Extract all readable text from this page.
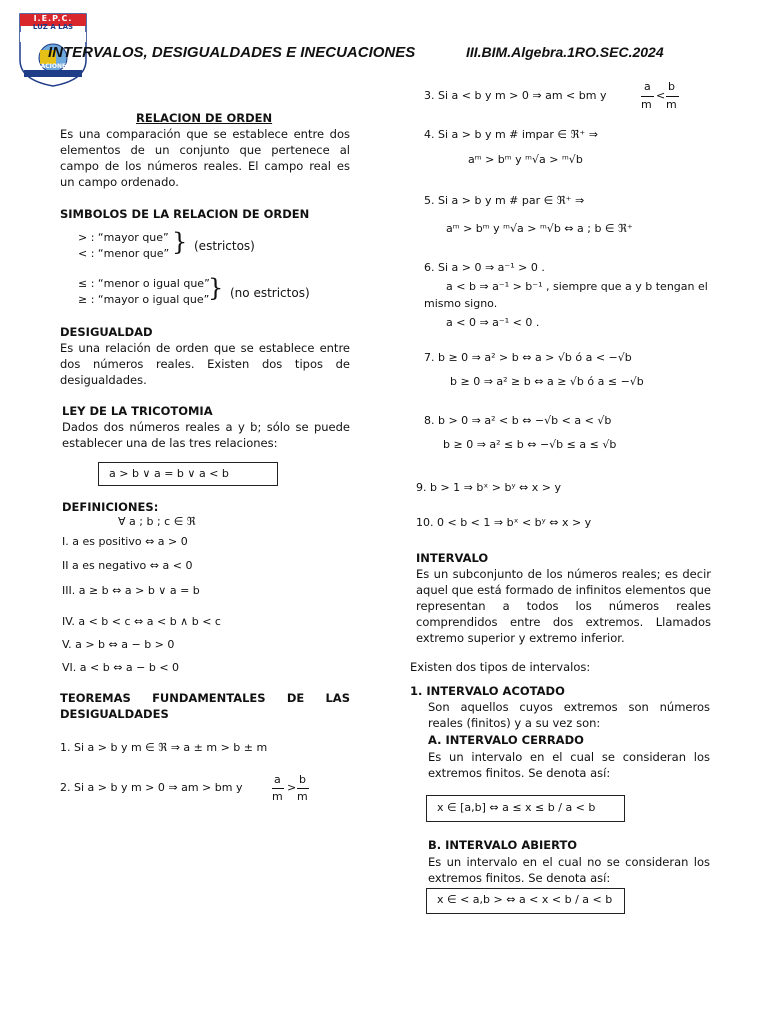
I.E.P.C.
LUZ A LAS
NACIONES
INTERVALOS, DESIGUALDADES E INECUACIONES	III.BIM.Algebra.1RO.SEC.2024
RELACION DE ORDEN
Es una comparación que se establece entre dos elementos de un conjunto que pertenece al campo de los números reales. El campo real es un campo ordenado.
SIMBOLOS DE LA RELACION DE ORDEN
> : “mayor que”
< : “menor que” } (estrictos)
≤ : “menor o igual que”
≥ : “mayor o igual que”
} (no estrictos)
DESIGUALDAD
Es una relación de orden que se establece entre dos números reales. Existen dos tipos de desigualdades.
LEY DE LA TRICOTOMIA
Dados dos números reales a y b; sólo se puede establecer una de las tres relaciones:
a > b ∨ a = b ∨ a < b
DEFINICIONES:
∀ a ; b ; c ∈ ℜ
I. a es positivo ⇔ a > 0
II a es negativo ⇔ a < 0
III. a ≥ b ⇔ a > b ∨ a = b
IV. a < b < c ⇔ a < b ∧ b < c
V. a > b ⇔ a − b > 0
VI. a < b ⇔ a − b < 0
TEOREMAS FUNDAMENTALES DE LAS DESIGUALDADES
1. Si a > b y m ∈ ℜ ⇒ a ± m > b ± m
2. Si a > b y m > 0 ⇒ am > bm y
a
m
>
b
m
3. Si a < b y m > 0 ⇒ am < bm y
a
m
<
b
m
4. Si a > b y m # impar ∈ ℜ⁺ ⇒
aᵐ > bᵐ y ᵐ√a > ᵐ√b
5. Si a > b y m # par ∈ ℜ⁺ ⇒
aᵐ > bᵐ y ᵐ√a > ᵐ√b ⇔ a ; b ∈ ℜ⁺
6. Si a > 0 ⇒ a⁻¹ > 0 .
a < b ⇒ a⁻¹ > b⁻¹ , siempre que a y b tengan el
mismo signo.
a < 0 ⇒ a⁻¹ < 0 .
7. b ≥ 0 ⇒ a² > b ⇔ a > √b ó a < −√b
b ≥ 0 ⇒ a² ≥ b ⇔ a ≥ √b ó a ≤ −√b
8. b > 0 ⇒ a² < b ⇔ −√b < a < √b
b ≥ 0 ⇒ a² ≤ b ⇔ −√b ≤ a ≤ √b
9. b > 1 ⇒ bˣ > bʸ ⇔ x > y
10. 0 < b < 1 ⇒ bˣ < bʸ ⇔ x > y
INTERVALO
Es un subconjunto de los números reales; es decir aquel que está formado de infinitos elementos que representan a todos los números reales comprendidos entre dos extremos. Llamados extremo superior y extremo inferior.
Existen dos tipos de intervalos:
1. INTERVALO ACOTADO
Son aquellos cuyos extremos son números reales (finitos) y a su vez son:
A. INTERVALO CERRADO
Es un intervalo en el cual se consideran los extremos finitos. Se denota así:
x ∈ [a,b] ⇔ a ≤ x ≤ b / a < b
B. INTERVALO ABIERTO
Es un intervalo en el cual no se consideran los extremos finitos. Se denota así:
x ∈ < a,b > ⇔ a < x < b / a < b
